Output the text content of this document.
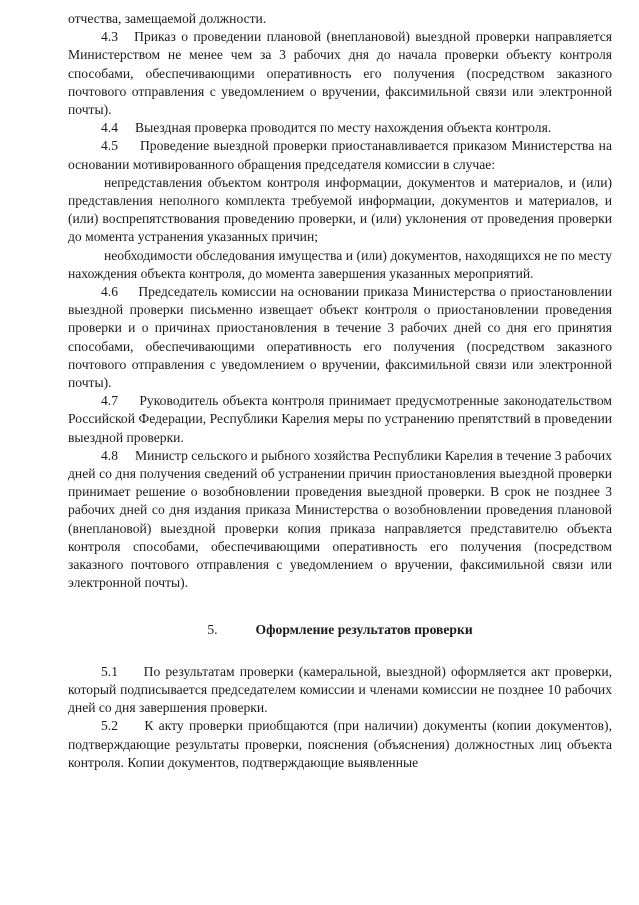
отчества, замещаемой должности.

4.3 Приказ о проведении плановой (внеплановой) выездной проверки направляется Министерством не менее чем за 3 рабочих дня до начала проверки объекту контроля способами, обеспечивающими оперативность его получения (посредством заказного почтового отправления с уведомлением о вручении, факсимильной связи или электронной почты).

4.4 Выездная проверка проводится по месту нахождения объекта контроля.

4.5 Проведение выездной проверки приостанавливается приказом Министерства на основании мотивированного обращения председателя комиссии в случае:

непредставления объектом контроля информации, документов и материалов, и (или) представления неполного комплекта требуемой информации, документов и материалов, и (или) воспрепятствования проведению проверки, и (или) уклонения от проведения проверки до момента устранения указанных причин;

необходимости обследования имущества и (или) документов, находящихся не по месту нахождения объекта контроля, до момента завершения указанных мероприятий.

4.6 Председатель комиссии на основании приказа Министерства о приостановлении выездной проверки письменно извещает объект контроля о приостановлении проведения проверки и о причинах приостановления в течение 3 рабочих дней со дня его принятия способами, обеспечивающими оперативность его получения (посредством заказного почтового отправления с уведомлением о вручении, факсимильной связи или электронной почты).

4.7 Руководитель объекта контроля принимает предусмотренные законодательством Российской Федерации, Республики Карелия меры по устранению препятствий в проведении выездной проверки.

4.8 Министр сельского и рыбного хозяйства Республики Карелия в течение 3 рабочих дней со дня получения сведений об устранении причин приостановления выездной проверки принимает решение о возобновлении проведения выездной проверки. В срок не позднее 3 рабочих дней со дня издания приказа Министерства о возобновлении проведения плановой (внеплановой) выездной проверки копия приказа направляется представителю объекта контроля способами, обеспечивающими оперативность его получения (посредством заказного почтового отправления с уведомлением о вручении, факсимильной связи или электронной почты).

5.	Оформление результатов проверки

5.1 По результатам проверки (камеральной, выездной) оформляется акт проверки, который подписывается председателем комиссии и членами комиссии не позднее 10 рабочих дней со дня завершения проверки.

5.2 К акту проверки приобщаются (при наличии) документы (копии документов), подтверждающие результаты проверки, пояснения (объяснения) должностных лиц объекта контроля. Копии документов, подтверждающие выявленные
